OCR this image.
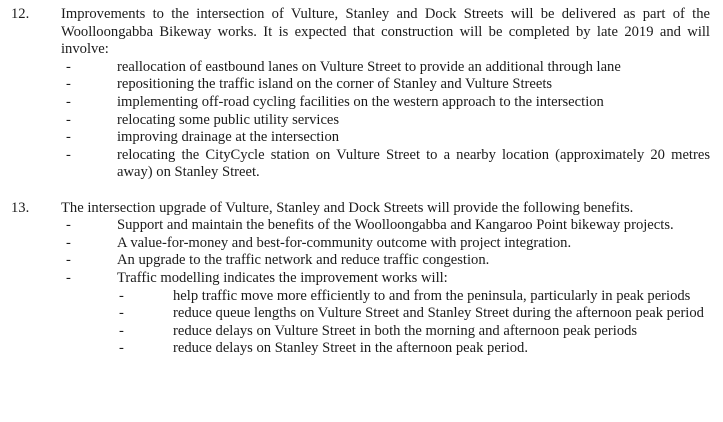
12.	Improvements to the intersection of Vulture, Stanley and Dock Streets will be delivered as part of the Woolloongabba Bikeway works. It is expected that construction will be completed by late 2019 and will involve:
-	reallocation of eastbound lanes on Vulture Street to provide an additional through lane
-	repositioning the traffic island on the corner of Stanley and Vulture Streets
-	implementing off-road cycling facilities on the western approach to the intersection
-	relocating some public utility services
-	improving drainage at the intersection
-	relocating the CityCycle station on Vulture Street to a nearby location (approximately 20 metres away) on Stanley Street.
13.	The intersection upgrade of Vulture, Stanley and Dock Streets will provide the following benefits.
-	Support and maintain the benefits of the Woolloongabba and Kangaroo Point bikeway projects.
-	A value-for-money and best-for-community outcome with project integration.
-	An upgrade to the traffic network and reduce traffic congestion.
-	Traffic modelling indicates the improvement works will:
-	help traffic move more efficiently to and from the peninsula, particularly in peak periods
-	reduce queue lengths on Vulture Street and Stanley Street during the afternoon peak period
-	reduce delays on Vulture Street in both the morning and afternoon peak periods
-	reduce delays on Stanley Street in the afternoon peak period.
